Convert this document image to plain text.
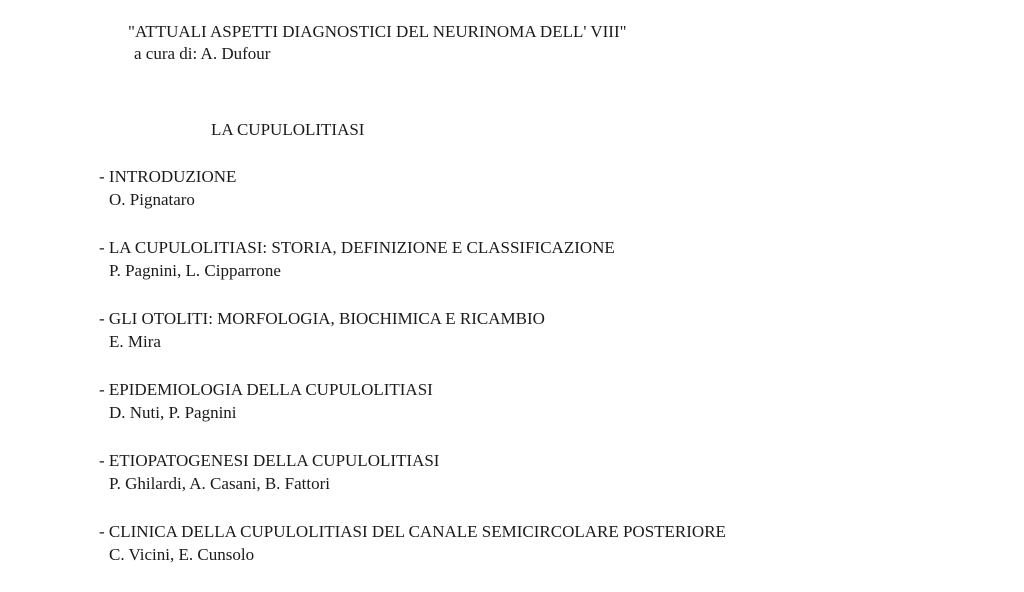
"ATTUALI ASPETTI DIAGNOSTICI DEL NEURINOMA DELL' VIII"
a cura di: A. Dufour
LA CUPULOLITIASI
- INTRODUZIONE
O. Pignataro
- LA CUPULOLITIASI: STORIA, DEFINIZIONE E CLASSIFICAZIONE
P. Pagnini, L. Cipparrone
- GLI OTOLITI: MORFOLOGIA, BIOCHIMICA E RICAMBIO
E. Mira
- EPIDEMIOLOGIA DELLA CUPULOLITIASI
D. Nuti, P. Pagnini
- ETIOPATOGENESI DELLA CUPULOLITIASI
P. Ghilardi, A. Casani, B. Fattori
- CLINICA DELLA CUPULOLITIASI DEL CANALE SEMICIRCOLARE POSTERIORE
C. Vicini, E. Cunsolo
